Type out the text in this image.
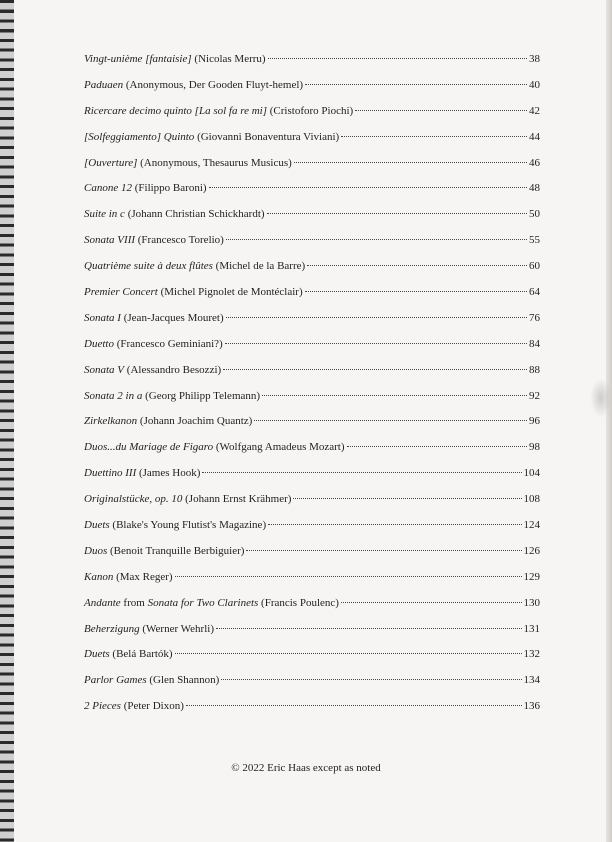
Vingt-unième [fantaisie] (Nicolas Merru)	38
Paduaen (Anonymous, Der Gooden Fluyt-hemel)	40
Ricercare decimo quinto [La sol fa re mi] (Cristoforo Piochi)	42
[Solfeggiamento] Quinto (Giovanni Bonaventura Viviani)	44
[Ouverture] (Anonymous, Thesaurus Musicus)	46
Canone 12 (Filippo Baroni)	48
Suite in c (Johann Christian Schickhardt)	50
Sonata VIII (Francesco Torelio)	55
Quatrième suite à deux flûtes (Michel de la Barre)	60
Premier Concert (Michel Pignolet de Montéclair)	64
Sonata I (Jean-Jacques Mouret)	76
Duetto (Francesco Geminiani?)	84
Sonata V (Alessandro Besozzi)	88
Sonata 2 in a (Georg Philipp Telemann)	92
Zirkelkanon (Johann Joachim Quantz)	96
Duos...du Mariage de Figaro (Wolfgang Amadeus Mozart)	98
Duettino III (James Hook)	104
Originalstücke, op. 10 (Johann Ernst Krähmer)	108
Duets (Blake's Young Flutist's Magazine)	124
Duos (Benoit Tranquille Berbiguier)	126
Kanon (Max Reger)	129
Andante from Sonata for Two Clarinets (Francis Poulenc)	130
Beherzigung (Werner Wehrli)	131
Duets (Belá Bartók)	132
Parlor Games (Glen Shannon)	134
2 Pieces (Peter Dixon)	136
© 2022 Eric Haas except as noted
